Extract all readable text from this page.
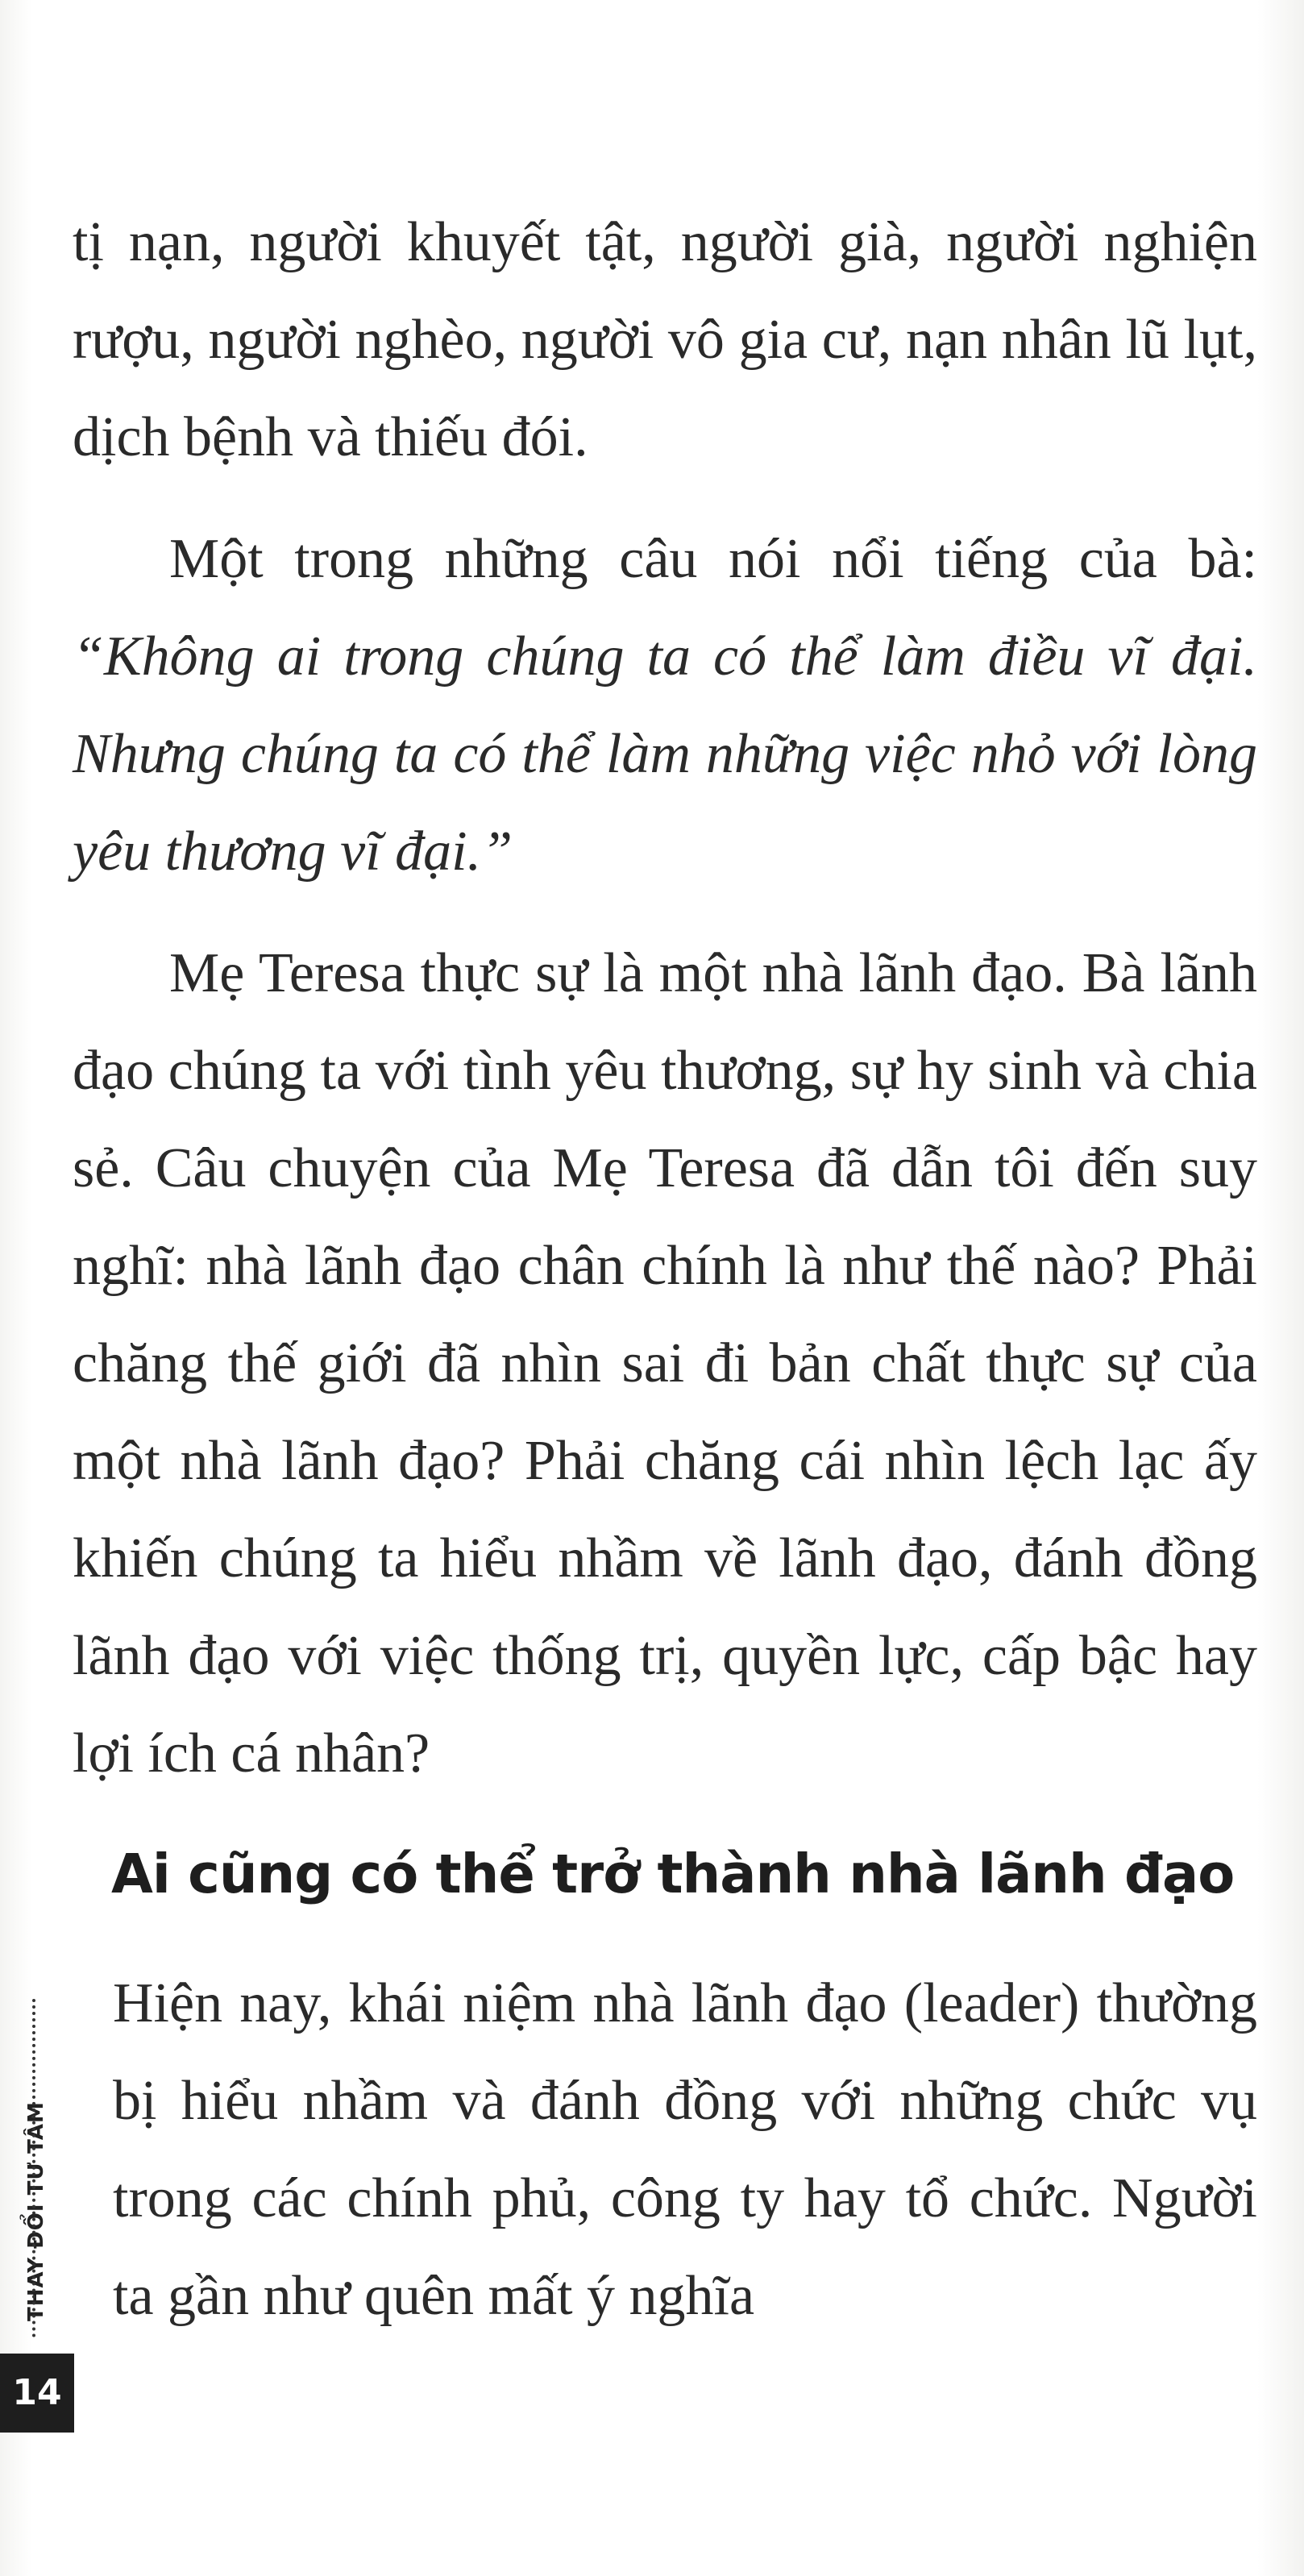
tị nạn, người khuyết tật, người già, người nghiện rượu, người nghèo, người vô gia cư, nạn nhân lũ lụt, dịch bệnh và thiếu đói.

Một trong những câu nói nổi tiếng của bà: “Không ai trong chúng ta có thể làm điều vĩ đại. Nhưng chúng ta có thể làm những việc nhỏ với lòng yêu thương vĩ đại.”

Mẹ Teresa thực sự là một nhà lãnh đạo. Bà lãnh đạo chúng ta với tình yêu thương, sự hy sinh và chia sẻ. Câu chuyện của Mẹ Teresa đã dẫn tôi đến suy nghĩ: nhà lãnh đạo chân chính là như thế nào? Phải chăng thế giới đã nhìn sai đi bản chất thực sự của một nhà lãnh đạo? Phải chăng cái nhìn lệch lạc ấy khiến chúng ta hiểu nhầm về lãnh đạo, đánh đồng lãnh đạo với việc thống trị, quyền lực, cấp bậc hay lợi ích cá nhân?

Ai cũng có thể trở thành nhà lãnh đạo

Hiện nay, khái niệm nhà lãnh đạo (leader) thường bị hiểu nhầm và đánh đồng với những chức vụ trong các chính phủ, công ty hay tổ chức. Người ta gần như quên mất ý nghĩa

THAY ĐỔI TƯ TÂM
14
